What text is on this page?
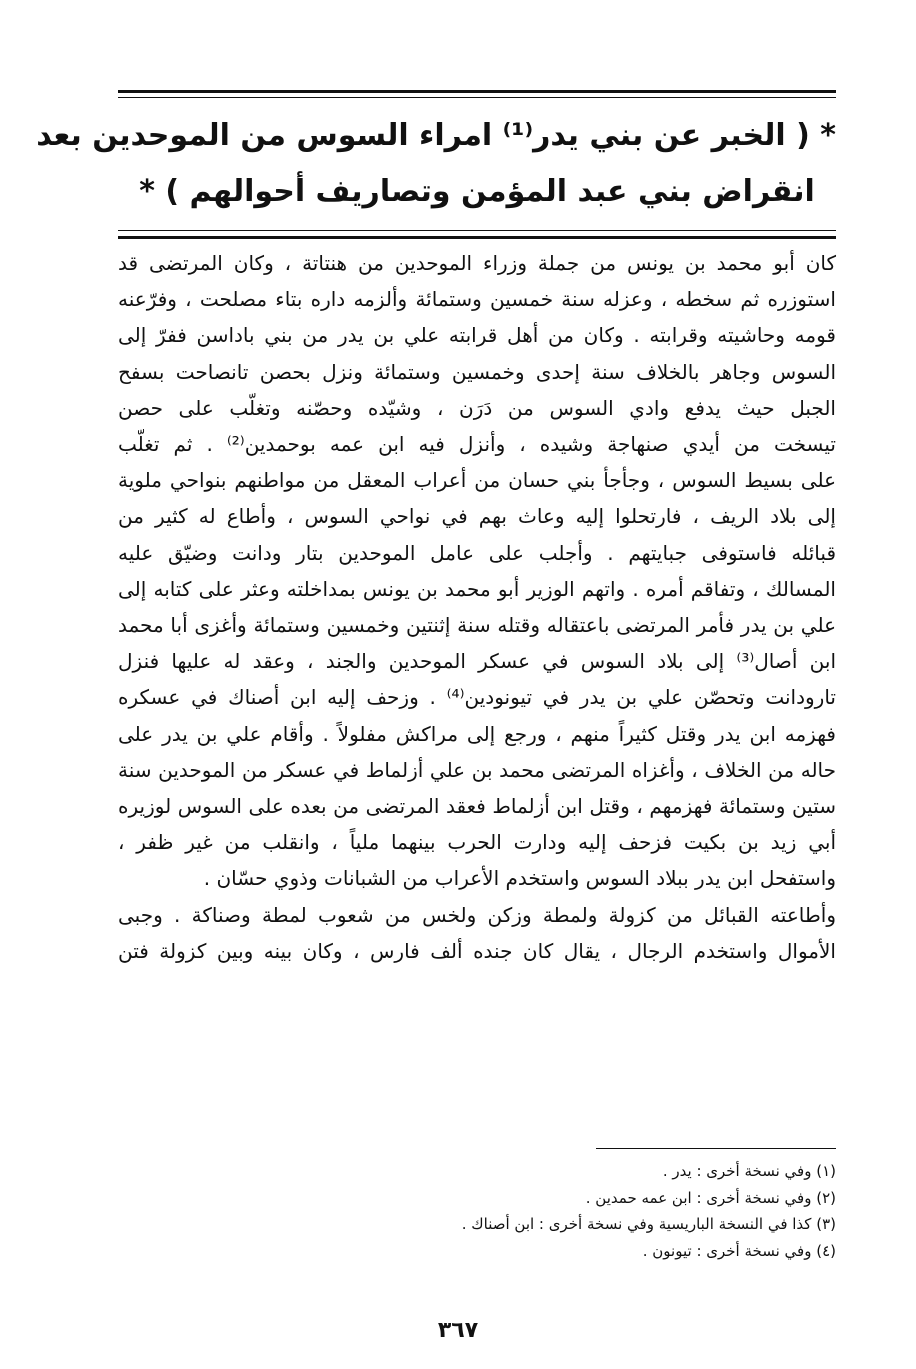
* ( الخبر عن بني يدر⁽¹⁾ امراء السوس من الموحدين بعد
انقراض بني عبد المؤمن وتصاريف أحوالهم ) *
كان أبو محمد بن يونس من جملة وزراء الموحدين من هنتاتة ، وكان المرتضى قد
استوزره ثم سخطه ، وعزله سنة خمسين وستمائة وألزمه داره بتاء مصلحت ، وفرّعنه
قومه وحاشيته وقرابته . وكان من أهل قرابته علي بن يدر من بني باداسن ففرّ إلى
السوس وجاهر بالخلاف سنة إحدى وخمسين وستمائة ونزل بحصن تانصاحت بسفح
الجبل حيث يدفع وادي السوس من دَرَن ، وشيّده وحصّنه وتغلّب على حصن
تيسخت من أيدي صنهاجة وشيده ، وأنزل فيه ابن عمه بوحمدين⁽²⁾ . ثم تغلّب
على بسيط السوس ، وجأجأ بني حسان من أعراب المعقل من مواطنهم بنواحي ملوية
إلى بلاد الريف ، فارتحلوا إليه وعاث بهم في نواحي السوس ، وأطاع له كثير من
قبائله فاستوفى جبايتهم . وأجلب على عامل الموحدين بتار ودانت وضيّق عليه
المسالك ، وتفاقم أمره . واتهم الوزير أبو محمد بن يونس بمداخلته وعثر على كتابه إلى
علي بن يدر فأمر المرتضى باعتقاله وقتله سنة إثنتين وخمسين وستمائة وأغزى أبا محمد
ابن أصال⁽³⁾ إلى بلاد السوس في عسكر الموحدين والجند ، وعقد له عليها فنزل
تارودانت وتحصّن علي بن يدر في تيونودين⁽⁴⁾ . وزحف إليه ابن أصناك في عسكره
فهزمه ابن يدر وقتل كثيراً منهم ، ورجع إلى مراكش مفلولاً . وأقام علي بن يدر على
حاله من الخلاف ، وأغزاه المرتضى محمد بن علي أزلماط في عسكر من الموحدين سنة
ستين وستمائة فهزمهم ، وقتل ابن أزلماط فعقد المرتضى من بعده على السوس لوزيره
أبي زيد بن بكيت فزحف إليه ودارت الحرب بينهما ملياً ، وانقلب من غير ظفر ،
واستفحل ابن يدر ببلاد السوس واستخدم الأعراب من الشبانات وذوي حسّان .
وأطاعته القبائل من كزولة ولمطة وزكن ولخس من شعوب لمطة وصناكة . وجبى
الأموال واستخدم الرجال ، يقال كان جنده ألف فارس ، وكان بينه وبين كزولة فتن
(١) وفي نسخة أخرى : يدر .
(٢) وفي نسخة أخرى : ابن عمه حمدين .
(٣) كذا في النسخة الباريسية وفي نسخة أخرى : ابن أصناك .
(٤) وفي نسخة أخرى : تيونون .
٣٦٧
